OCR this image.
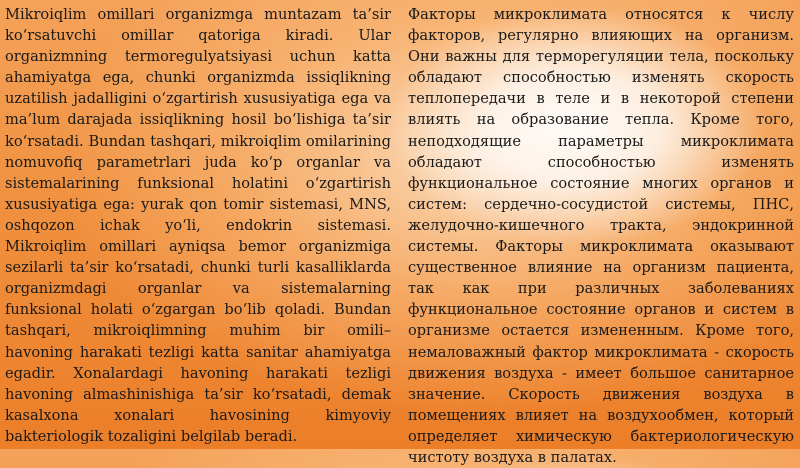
Mikroiqlim omillari organizmga muntazam ta’sir ko‘rsatuvchi omillar qatoriga kiradi. Ular organizmning termoregulyatsiyasi uchun katta ahamiyatga ega, chunki organizmda issiqlikning uzatilish jadalligini o‘zgartirish xususiyatiga ega va ma’lum darajada issiqlikning hosil bo‘lishiga ta’sir ko‘rsatadi. Bundan tashqari, mikroiqlim omilarining nomuvofiq parametrlari juda ko‘p organlar va sistemalarining funksional holatini o‘zgartirish xususiyatiga ega: yurak qon tomir sistemasi, MNS, oshqozon ichak yo‘li, endokrin sistemasi. Mikroiqlim omillari ayniqsa bemor organizmiga sezilarli ta’sir ko‘rsatadi, chunki turli kasalliklarda organizmdagi organlar va sistemalarning funksional holati o‘zgargan bo‘lib qoladi. Bundan tashqari, mikroiqlimning muhim bir omili– havoning harakati tezligi katta sanitar ahamiyatga egadir. Xonalardagi havoning harakati tezligi havoning almashinishiga ta’sir ko‘rsatadi, demak kasalxona xonalari havosining kimyoviy bakteriologik tozaligini belgilab beradi.

Факторы микроклимата относятся к числу факторов, регулярно влияющих на организм. Они важны для терморегуляции тела, поскольку обладают способностью изменять скорость теплопередачи в теле и в некоторой степени влиять на образование тепла. Кроме того, неподходящие параметры микроклимата обладают способностью изменять функциональное состояние многих органов и систем: сердечно-сосудистой системы, ПНС, желудочно-кишечного тракта, эндокринной системы. Факторы микроклимата оказывают существенное влияние на организм пациента, так как при различных заболеваниях функциональное состояние органов и систем в организме остается измененным. Кроме того, немаловажный фактор микроклимата - скорость движения воздуха - имеет большое санитарное значение. Скорость движения воздуха в помещениях влияет на воздухообмен, который определяет химическую бактериологическую чистоту воздуха в палатах.
